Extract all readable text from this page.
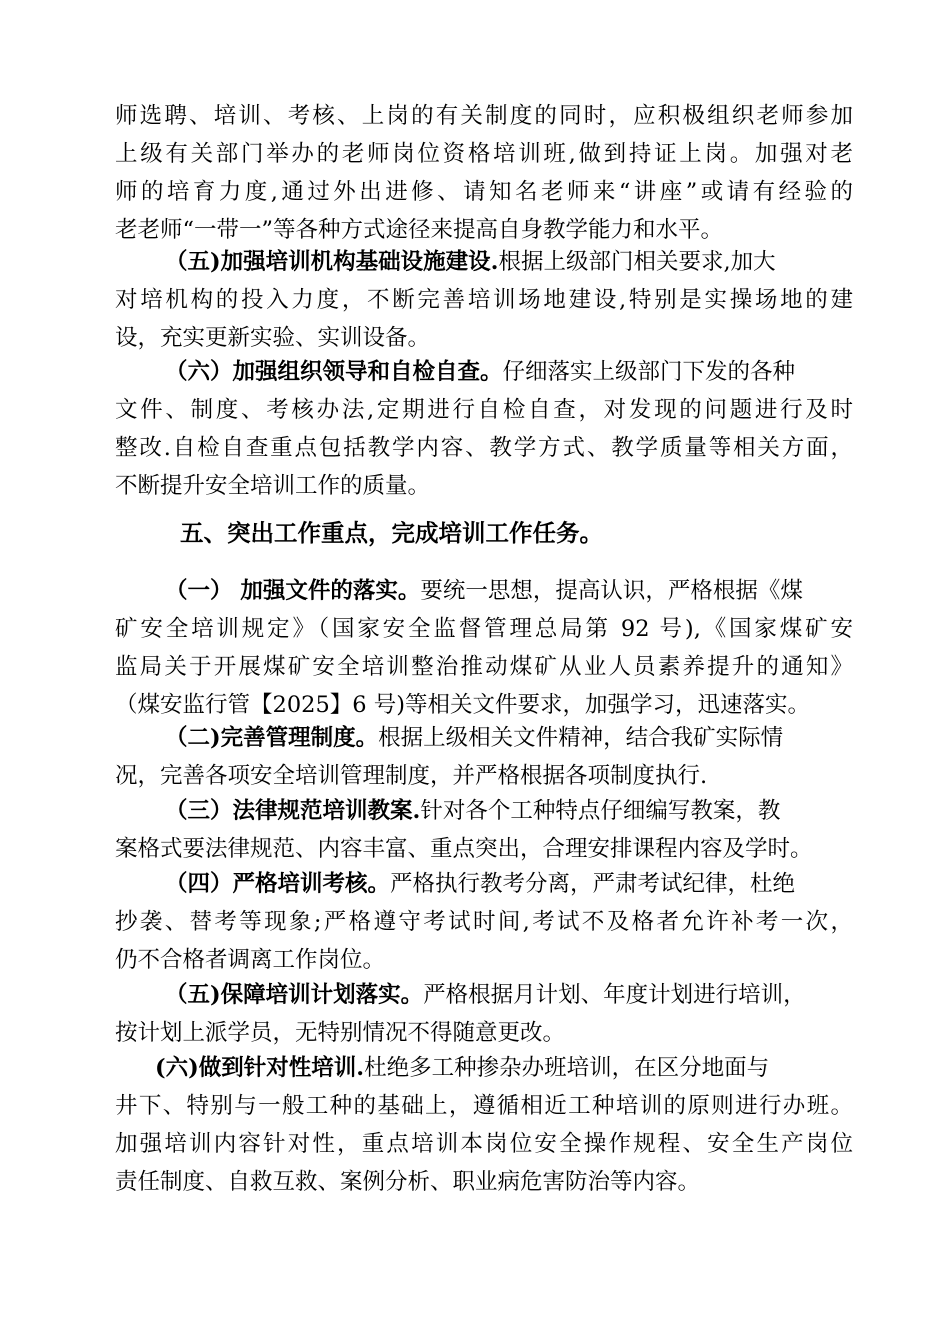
师选聘、培训、考核、上岗的有关制度的同时，应积极组织老师参加
上级有关部门举办的老师岗位资格培训班,做到持证上岗。加强对老
师的培育力度,通过外出进修、请知名老师来“讲座”或请有经验的
老老师“一带一”等各种方式途径来提高自身教学能力和水平。
（五)加强培训机构基础设施建设.根据上级部门相关要求,加大
对培机构的投入力度，不断完善培训场地建设,特别是实操场地的建
设，充实更新实验、实训设备。
（六）加强组织领导和自检自查。仔细落实上级部门下发的各种
文件、制度、考核办法,定期进行自检自查，对发现的问题进行及时
整改.自检自查重点包括教学内容、教学方式、教学质量等相关方面，
不断提升安全培训工作的质量。
五、突出工作重点，完成培训工作任务。
（一） 加强文件的落实。要统一思想，提高认识，严格根据《煤
矿安全培训规定》（国家安全监督管理总局第 92 号),《国家煤矿安
监局关于开展煤矿安全培训整治推动煤矿从业人员素养提升的通知》
（煤安监行管【2025】6 号)等相关文件要求，加强学习，迅速落实。
（二)完善管理制度。根据上级相关文件精神，结合我矿实际情
况，完善各项安全培训管理制度，并严格根据各项制度执行.
（三）法律规范培训教案.针对各个工种特点仔细编写教案，教
案格式要法律规范、内容丰富、重点突出，合理安排课程内容及学时。
（四）严格培训考核。严格执行教考分离，严肃考试纪律，杜绝
抄袭、替考等现象;严格遵守考试时间,考试不及格者允许补考一次，
仍不合格者调离工作岗位。
（五)保障培训计划落实。严格根据月计划、年度计划进行培训，
按计划上派学员，无特别情况不得随意更改。
(六)做到针对性培训.杜绝多工种掺杂办班培训，在区分地面与
井下、特别与一般工种的基础上，遵循相近工种培训的原则进行办班。
加强培训内容针对性，重点培训本岗位安全操作规程、安全生产岗位
责任制度、自救互救、案例分析、职业病危害防治等内容。
